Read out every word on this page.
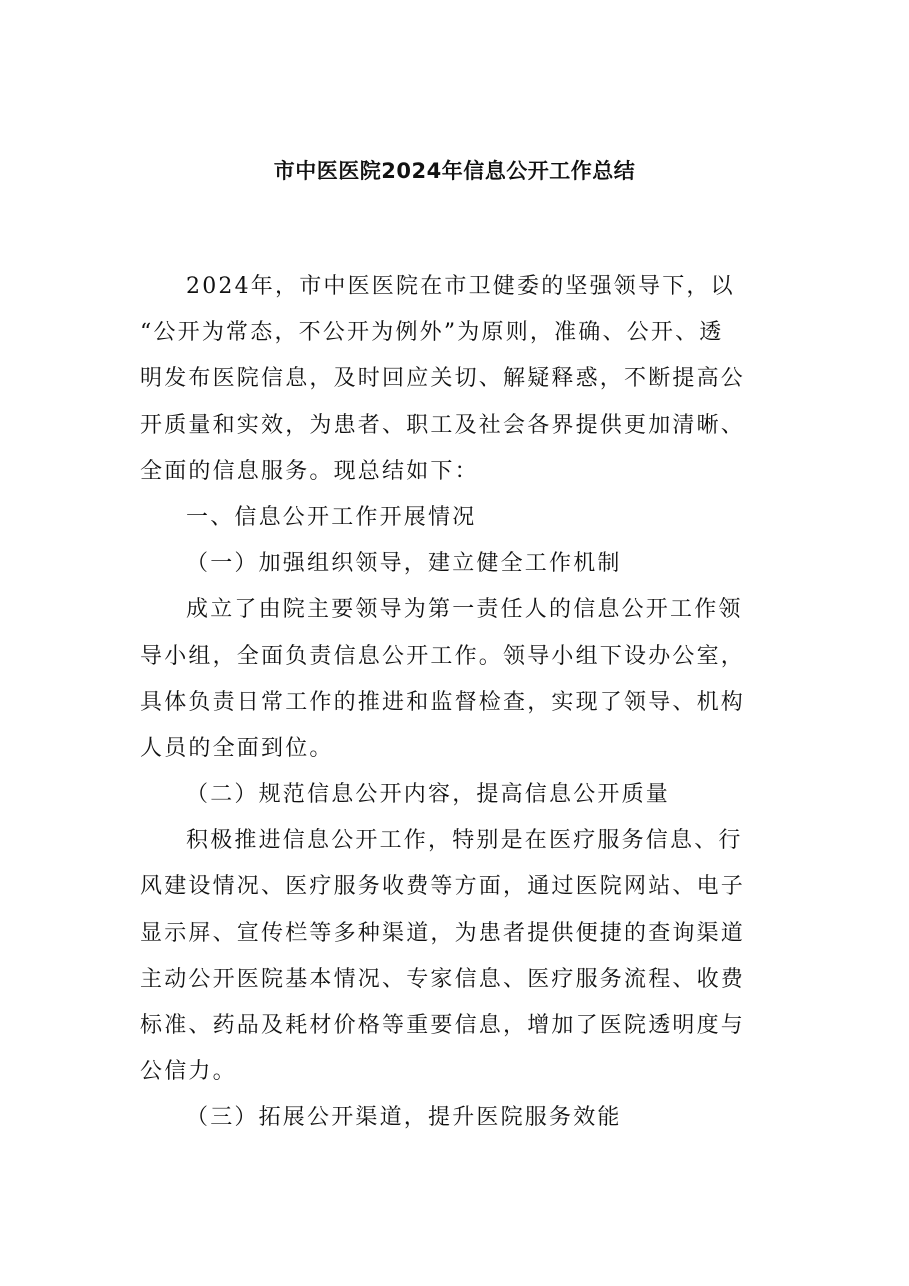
市中医医院2024年信息公开工作总结
2024年，市中医医院在市卫健委的坚强领导下，以
“公开为常态，不公开为例外”为原则，准确、公开、透
明发布医院信息，及时回应关切、解疑释惑，不断提高公
开质量和实效，为患者、职工及社会各界提供更加清晰、
全面的信息服务。现总结如下：
一、信息公开工作开展情况
（一）加强组织领导，建立健全工作机制
成立了由院主要领导为第一责任人的信息公开工作领
导小组，全面负责信息公开工作。领导小组下设办公室，
具体负责日常工作的推进和监督检查，实现了领导、机构
人员的全面到位。
（二）规范信息公开内容，提高信息公开质量
积极推进信息公开工作，特别是在医疗服务信息、行
风建设情况、医疗服务收费等方面，通过医院网站、电子
显示屏、宣传栏等多种渠道，为患者提供便捷的查询渠道
主动公开医院基本情况、专家信息、医疗服务流程、收费
标准、药品及耗材价格等重要信息，增加了医院透明度与
公信力。
（三）拓展公开渠道，提升医院服务效能
